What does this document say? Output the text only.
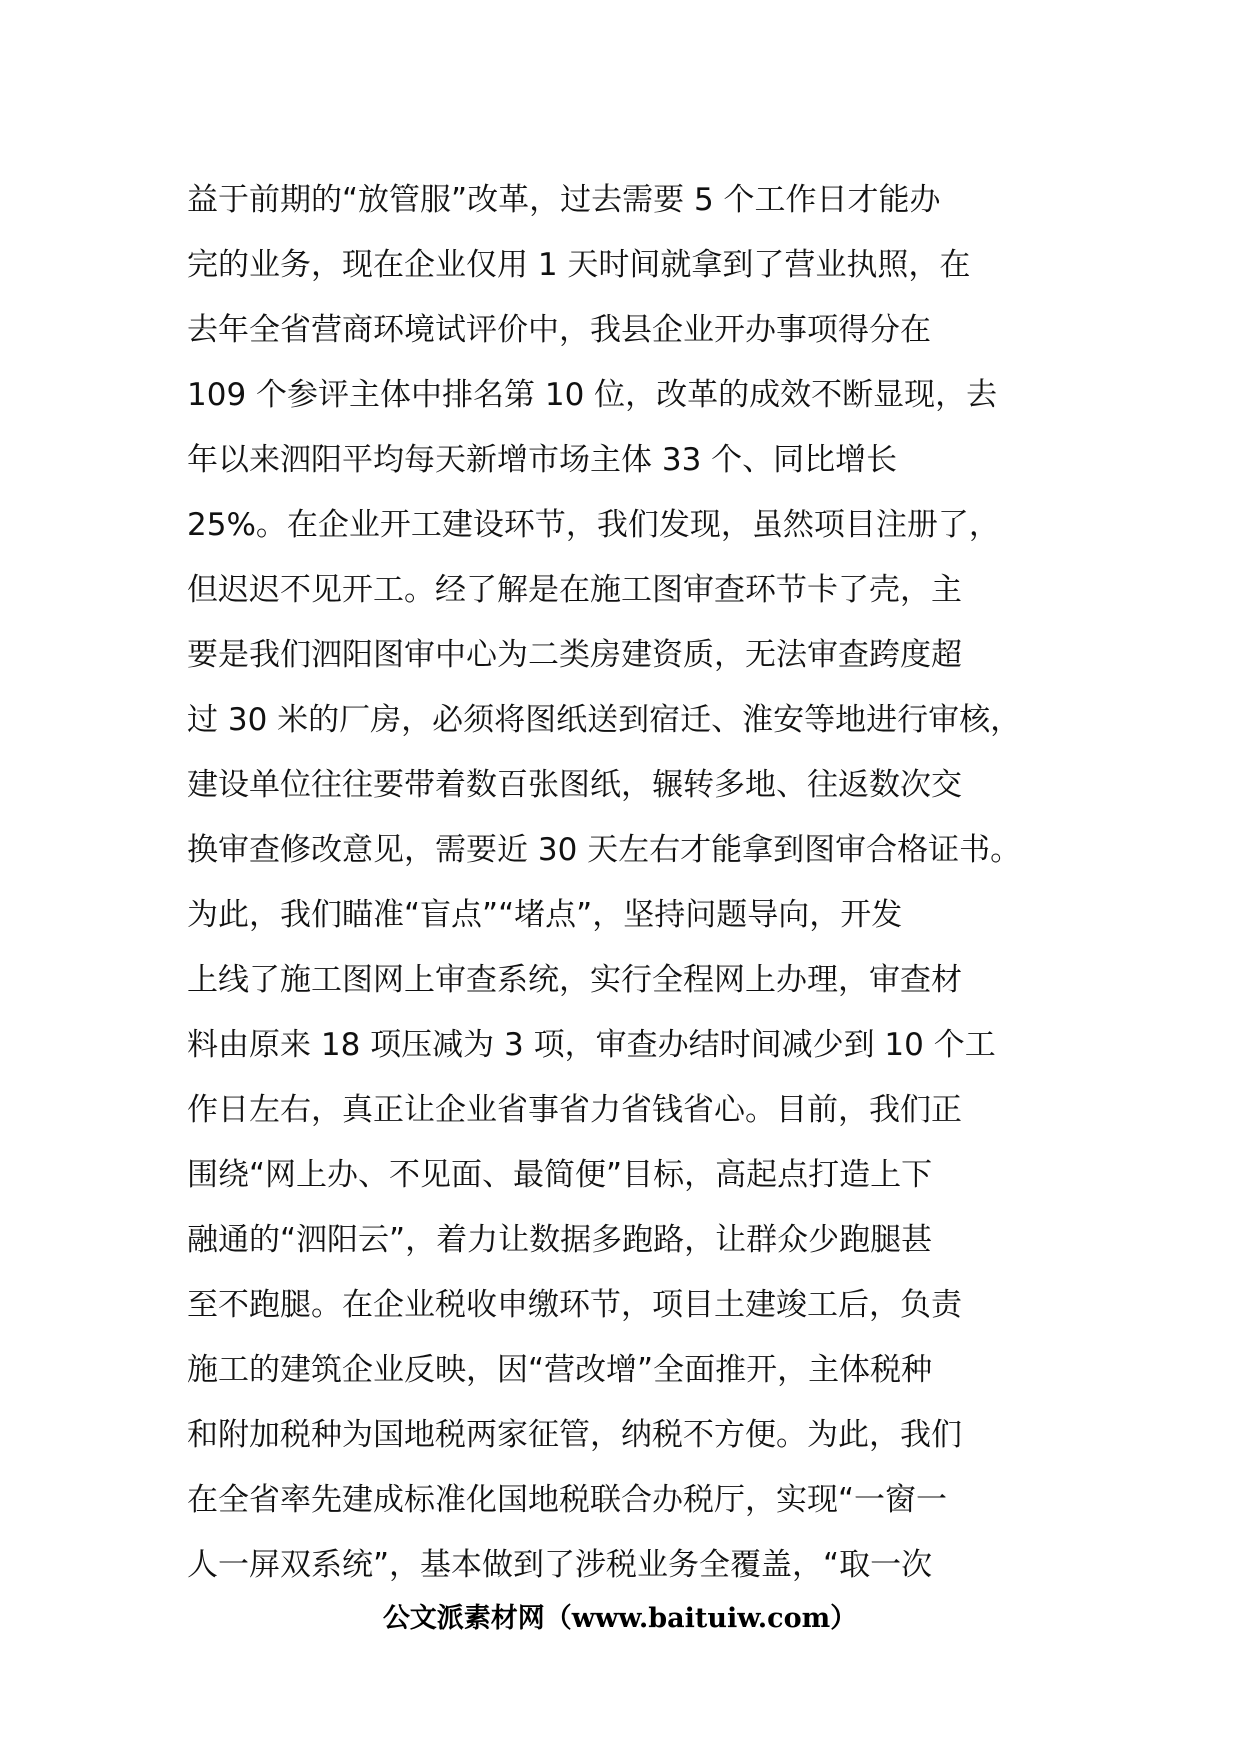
益于前期的“放管服”改革，过去需要 5 个工作日才能办
完的业务，现在企业仅用 1 天时间就拿到了营业执照，在
去年全省营商环境试评价中，我县企业开办事项得分在
109 个参评主体中排名第 10 位，改革的成效不断显现，去
年以来泗阳平均每天新增市场主体 33 个、同比增长
25%。在企业开工建设环节，我们发现，虽然项目注册了，
但迟迟不见开工。经了解是在施工图审查环节卡了壳，主
要是我们泗阳图审中心为二类房建资质，无法审查跨度超
过 30 米的厂房，必须将图纸送到宿迁、淮安等地进行审核，
建设单位往往要带着数百张图纸，辗转多地、往返数次交
换审查修改意见，需要近 30 天左右才能拿到图审合格证书。
为此，我们瞄准“盲点”“堵点”，坚持问题导向，开发
上线了施工图网上审查系统，实行全程网上办理，审查材
料由原来 18 项压减为 3 项，审查办结时间减少到 10 个工
作日左右，真正让企业省事省力省钱省心。目前，我们正
围绕“网上办、不见面、最简便”目标，高起点打造上下
融通的“泗阳云”，着力让数据多跑路，让群众少跑腿甚
至不跑腿。在企业税收申缴环节，项目土建竣工后，负责
施工的建筑企业反映，因“营改增”全面推开，主体税种
和附加税种为国地税两家征管，纳税不方便。为此，我们
在全省率先建成标准化国地税联合办税厅，实现“一窗一
人一屏双系统”，基本做到了涉税业务全覆盖，“取一次
公文派素材网（www.baituiw.com）
